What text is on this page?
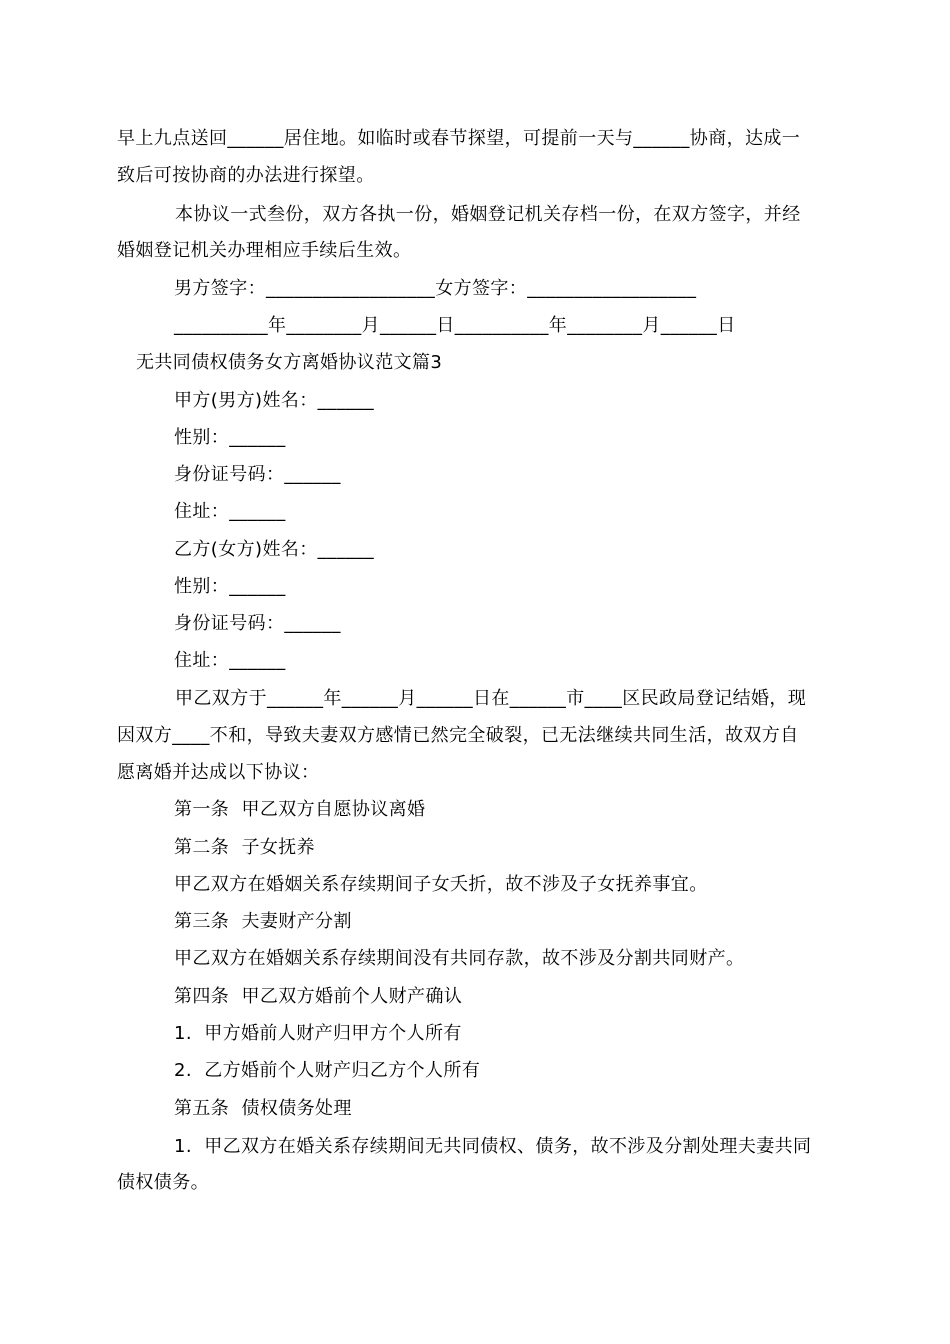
早上九点送回______居住地。如临时或春节探望，可提前一天与______协商，达成一
致后可按协商的办法进行探望。
本协议一式叁份，双方各执一份，婚姻登记机关存档一份，在双方签字，并经
婚姻登记机关办理相应手续后生效。
男方签字：__________________女方签字：__________________
__________年________月______日__________年________月______日
无共同债权债务女方离婚协议范文篇3
甲方(男方)姓名：______
性别：______
身份证号码：______
住址：______
乙方(女方)姓名：______
性别：______
身份证号码：______
住址：______
甲乙双方于______年______月______日在______市____区民政局登记结婚，现
因双方____不和，导致夫妻双方感情已然完全破裂，已无法继续共同生活，故双方自
愿离婚并达成以下协议：
第一条  甲乙双方自愿协议离婚
第二条  子女抚养
甲乙双方在婚姻关系存续期间子女夭折，故不涉及子女抚养事宜。
第三条  夫妻财产分割
甲乙双方在婚姻关系存续期间没有共同存款，故不涉及分割共同财产。
第四条  甲乙双方婚前个人财产确认
1.  甲方婚前人财产归甲方个人所有
2.  乙方婚前个人财产归乙方个人所有
第五条  债权债务处理
1.  甲乙双方在婚关系存续期间无共同债权、债务，故不涉及分割处理夫妻共同
债权债务。
